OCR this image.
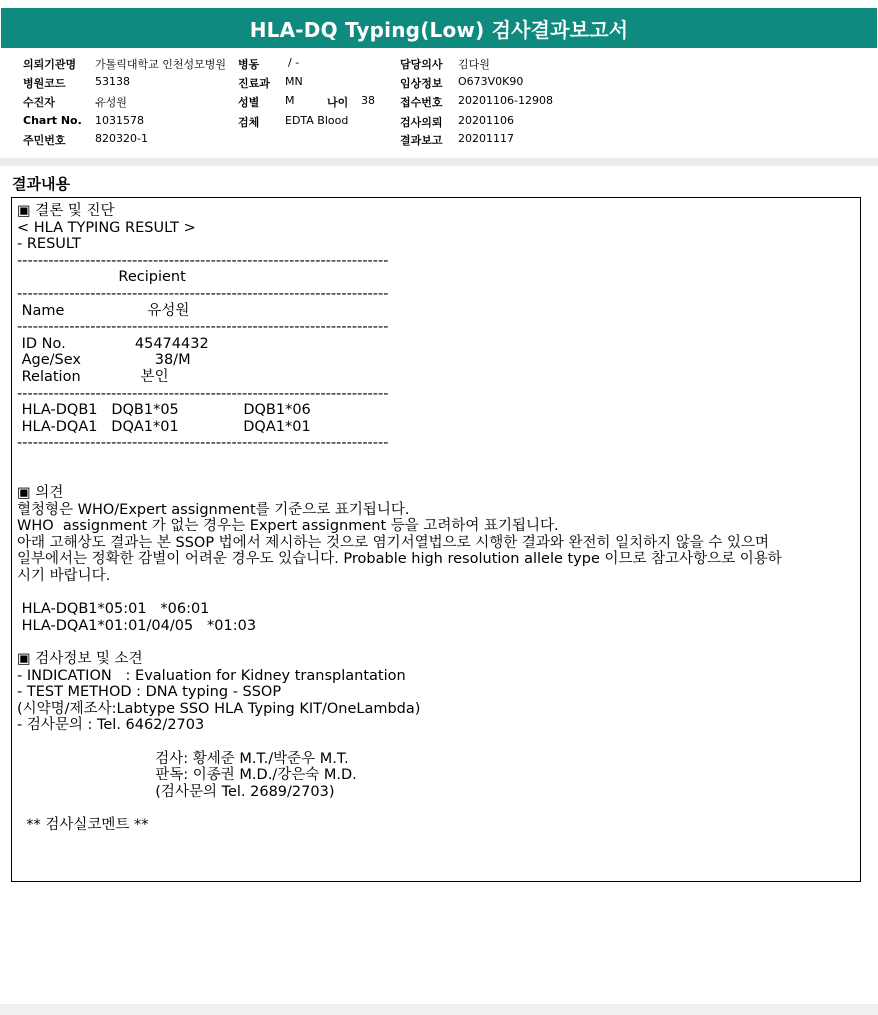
HLA-DQ Typing(Low) 검사결과보고서
의뢰기관명 가톨릭대학교 인천성모병원 병동	/ -	담당의사 김다원
병원코드	53138	진료과 MN	임상정보 O673V0K90
수진자	유성원	성별 M	나이 38 접수번호 20201106-12908
Chart No. 1031578	검체 EDTA Blood	검사의뢰 20201106
주민번호	820320-1	결과보고 20201117
결과내용
▣ 결론 및 진단
< HLA TYPING RESULT >
- RESULT
-----------------------------------------------------------------------
Recipient
-----------------------------------------------------------------------
Name                  유성원
-----------------------------------------------------------------------
ID No.               45474432
Age/Sex                38/M
Relation             본인
-----------------------------------------------------------------------
HLA-DQB1   DQB1*05              DQB1*06
HLA-DQA1   DQA1*01              DQA1*01
-----------------------------------------------------------------------

▣ 의견
혈청형은 WHO/Expert assignment를 기준으로 표기됩니다.
WHO  assignment 가 없는 경우는 Expert assignment 등을 고려하여 표기됩니다.
아래 고해상도 결과는 본 SSOP 법에서 제시하는 것으로 염기서열법으로 시행한 결과와 완전히 일치하지 않을 수 있으며
일부에서는 정확한 감별이 어려운 경우도 있습니다. Probable high resolution allele type 이므로 참고사항으로 이용하
시기 바랍니다.

HLA-DQB1*05:01   *06:01
HLA-DQA1*01:01/04/05   *01:03

▣ 검사정보 및 소견
- INDICATION   : Evaluation for Kidney transplantation
- TEST METHOD : DNA typing - SSOP
(시약명/제조사:Labtype SSO HLA Typing KIT/OneLambda)
- 검사문의 : Tel. 6462/2703

검사: 황세준 M.T./박준우 M.T.
판독: 이종권 M.D./강은숙 M.D.
(검사문의 Tel. 2689/2703)

** 검사실코멘트 **
